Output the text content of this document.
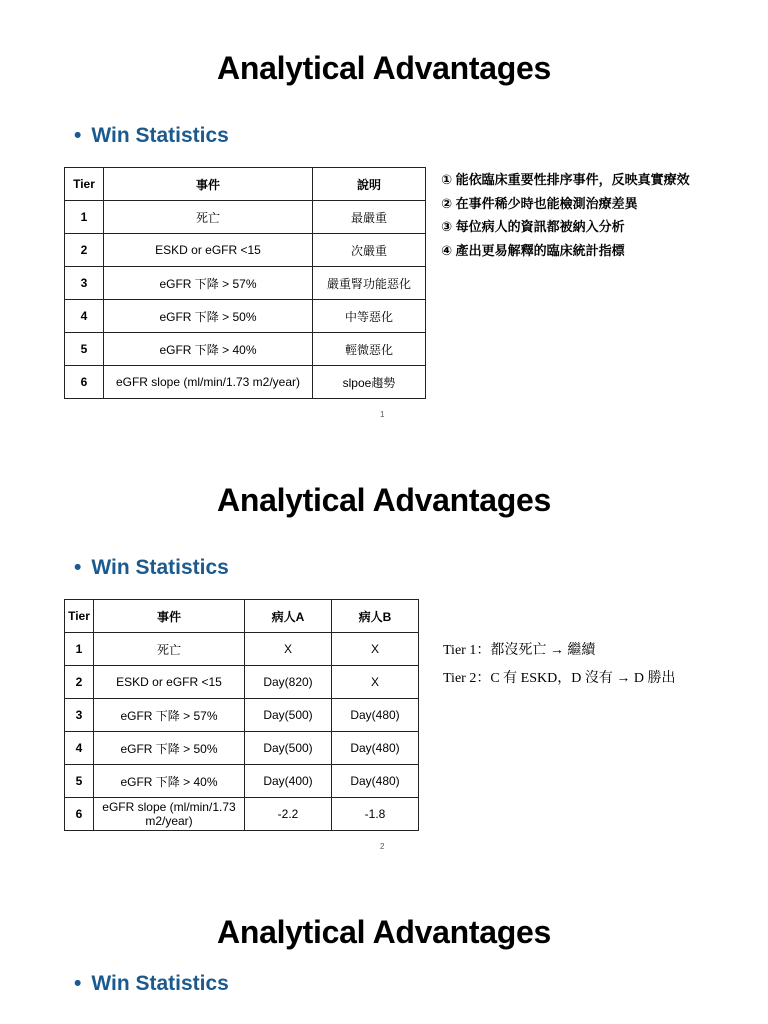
Analytical Advantages
• Win Statistics
Tier	事件	說明
1	死亡	最嚴重
2	ESKD or eGFR <15	次嚴重
3	eGFR 下降 > 57%	嚴重腎功能惡化
4	eGFR 下降 > 50%	中等惡化
5	eGFR 下降 > 40%	輕微惡化
6	eGFR slope (ml/min/1.73 m2/year)	slpoe趨勢
① 能依臨床重要性排序事件，反映真實療效
② 在事件稀少時也能檢測治療差異
③ 每位病人的資訊都被納入分析
④ 產出更易解釋的臨床統計指標
1
Analytical Advantages
• Win Statistics
Tier	事件	病人A	病人B
1	死亡	X	X
2	ESKD or eGFR <15	Day(820)	X
3	eGFR 下降 > 57%	Day(500)	Day(480)
4	eGFR 下降 > 50%	Day(500)	Day(480)
5	eGFR 下降 > 40%	Day(400)	Day(480)
6	eGFR slope (ml/min/1.73 m2/year)	-2.2	-1.8
Tier 1：都沒死亡 → 繼續
Tier 2：C 有 ESKD，D 沒有 → D 勝出
2
Analytical Advantages
• Win Statistics
